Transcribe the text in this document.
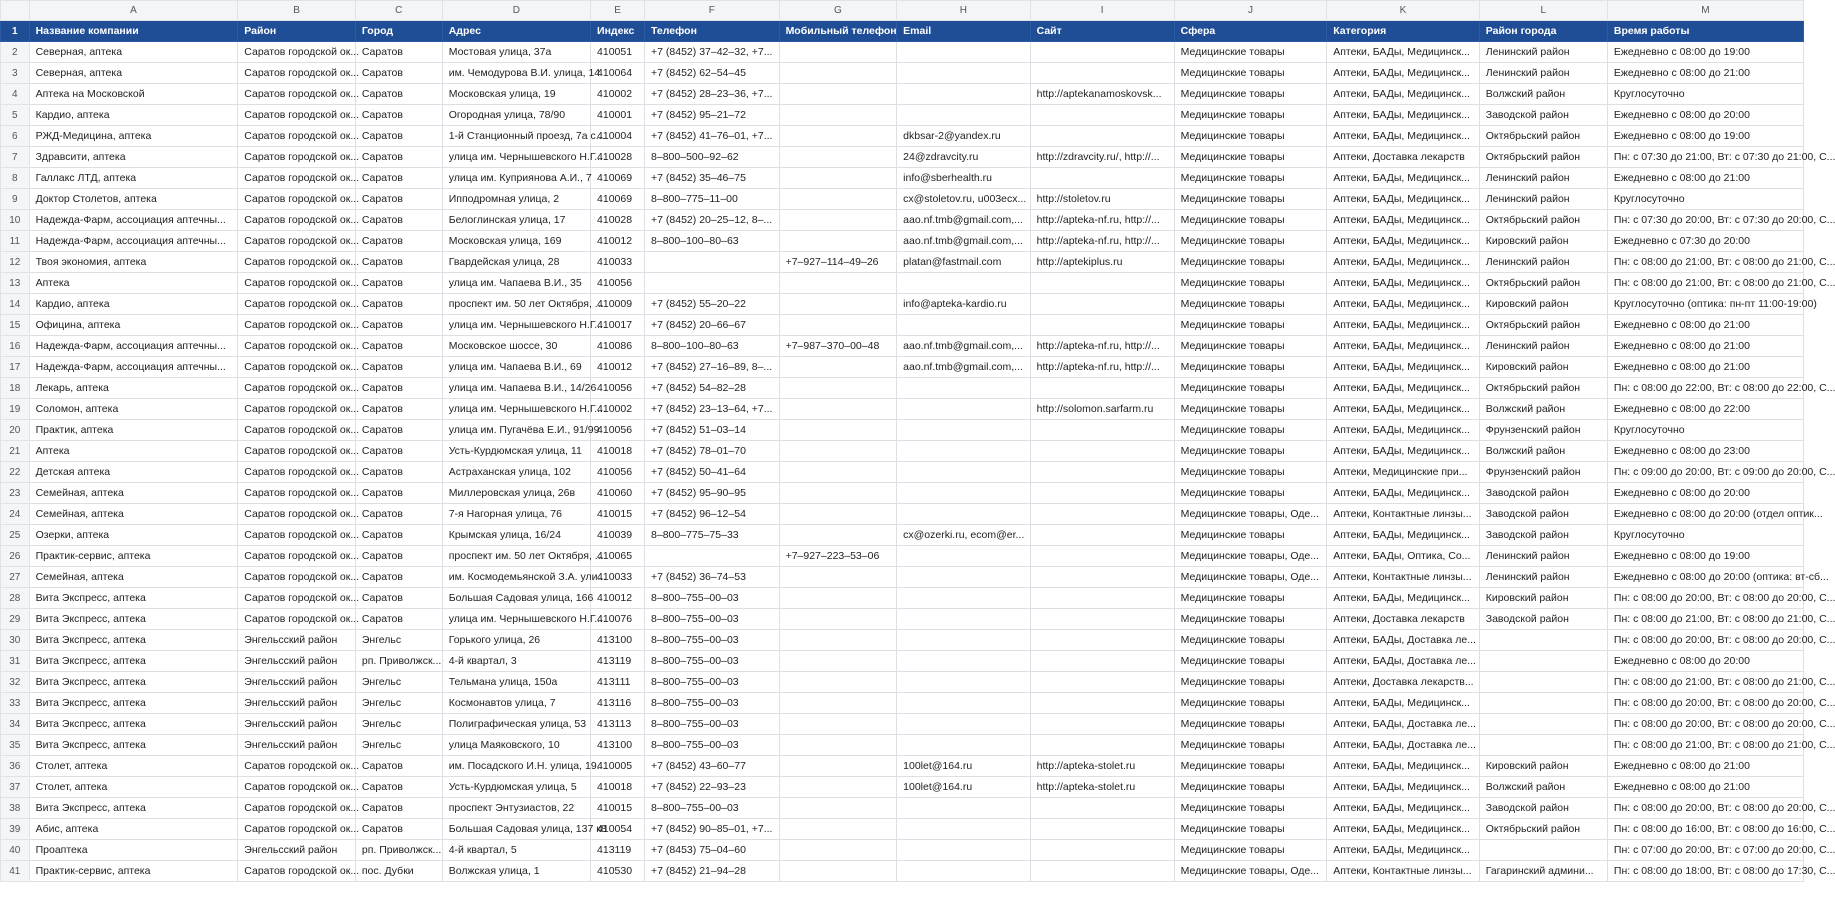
	A	B	C	D	E	F	G	H	I	J	K	L	M
1	Название компании	Район	Город	Адрес	Индекс	Телефон	Мобильный телефон	Email	Сайт	Сфера	Категория	Район города	Время работы
2	Северная, аптека	Саратов городской ок...	Саратов	Мостовая улица, 37а	410051	+7 (8452) 37–42–32, +7...				Медицинские товары	Аптеки, БАДы, Медицинск...	Ленинский район	Ежедневно с 08:00 до 19:00
3	Северная, аптека	Саратов городской ок...	Саратов	им. Чемодурова В.И. улица, 14	410064	+7 (8452) 62–54–45				Медицинские товары	Аптеки, БАДы, Медицинск...	Ленинский район	Ежедневно с 08:00 до 21:00
4	Аптека на Московской	Саратов городской ок...	Саратов	Московская улица, 19	410002	+7 (8452) 28–23–36, +7...			http://aptekanamoskovsk...	Медицинские товары	Аптеки, БАДы, Медицинск...	Волжский район	Круглосуточно
5	Кардио, аптека	Саратов городской ок...	Саратов	Огородная улица, 78/90	410001	+7 (8452) 95–21–72				Медицинские товары	Аптеки, БАДы, Медицинск...	Заводской район	Ежедневно с 08:00 до 20:00
6	РЖД-Медицина, аптека	Саратов городской ок...	Саратов	1-й Станционный проезд, 7а с...	410004	+7 (8452) 41–76–01, +7...		dkbsar-2@yandex.ru		Медицинские товары	Аптеки, БАДы, Медицинск...	Октябрьский район	Ежедневно с 08:00 до 19:00
7	Здравсити, аптека	Саратов городской ок...	Саратов	улица им. Чернышевского Н.Г....	410028	8–800–500–92–62		24@zdravcity.ru	http://zdravcity.ru/, http://...	Медицинские товары	Аптеки, Доставка лекарств	Октябрьский район	Пн: с 07:30 до 21:00, Вт: с 07:30 до 21:00, С...
8	Галлакс ЛТД, аптека	Саратов городской ок...	Саратов	улица им. Куприянова А.И., 7	410069	+7 (8452) 35–46–75		info@sberhealth.ru		Медицинские товары	Аптеки, БАДы, Медицинск...	Ленинский район	Ежедневно с 08:00 до 21:00
9	Доктор Столетов, аптека	Саратов городской ок...	Саратов	Ипподромная улица, 2	410069	8–800–775–11–00		cx@stoletov.ru, u003ecx...	http://stoletov.ru	Медицинские товары	Аптеки, БАДы, Медицинск...	Ленинский район	Круглосуточно
10	Надежда-Фарм, ассоциация аптечны...	Саратов городской ок...	Саратов	Белоглинская улица, 17	410028	+7 (8452) 20–25–12, 8–...		aao.nf.tmb@gmail.com,...	http://apteka-nf.ru, http://...	Медицинские товары	Аптеки, БАДы, Медицинск...	Октябрьский район	Пн: с 07:30 до 20:00, Вт: с 07:30 до 20:00, С...
11	Надежда-Фарм, ассоциация аптечны...	Саратов городской ок...	Саратов	Московская улица, 169	410012	8–800–100–80–63		aao.nf.tmb@gmail.com,...	http://apteka-nf.ru, http://...	Медицинские товары	Аптеки, БАДы, Медицинск...	Кировский район	Ежедневно с 07:30 до 20:00
12	Твоя экономия, аптека	Саратов городской ок...	Саратов	Гвардейская улица, 28	410033		+7–927–114–49–26	platan@fastmail.com	http://aptekiplus.ru	Медицинские товары	Аптеки, БАДы, Медицинск...	Ленинский район	Пн: с 08:00 до 21:00, Вт: с 08:00 до 21:00, С...
13	Аптека	Саратов городской ок...	Саратов	улица им. Чапаева В.И., 35	410056					Медицинские товары	Аптеки, БАДы, Медицинск...	Октябрьский район	Пн: с 08:00 до 21:00, Вт: с 08:00 до 21:00, С...
14	Кардио, аптека	Саратов городской ок...	Саратов	проспект им. 50 лет Октября, ...	410009	+7 (8452) 55–20–22		info@apteka-kardio.ru		Медицинские товары	Аптеки, БАДы, Медицинск...	Кировский район	Круглосуточно (оптика: пн-пт 11:00-19:00)
15	Официна, аптека	Саратов городской ок...	Саратов	улица им. Чернышевского Н.Г....	410017	+7 (8452) 20–66–67				Медицинские товары	Аптеки, БАДы, Медицинск...	Октябрьский район	Ежедневно с 08:00 до 21:00
16	Надежда-Фарм, ассоциация аптечны...	Саратов городской ок...	Саратов	Московское шоссе, 30	410086	8–800–100–80–63	+7–987–370–00–48	aao.nf.tmb@gmail.com,...	http://apteka-nf.ru, http://...	Медицинские товары	Аптеки, БАДы, Медицинск...	Ленинский район	Ежедневно с 08:00 до 21:00
17	Надежда-Фарм, ассоциация аптечны...	Саратов городской ок...	Саратов	улица им. Чапаева В.И., 69	410012	+7 (8452) 27–16–89, 8–...		aao.nf.tmb@gmail.com,...	http://apteka-nf.ru, http://...	Медицинские товары	Аптеки, БАДы, Медицинск...	Кировский район	Ежедневно с 08:00 до 21:00
18	Лекарь, аптека	Саратов городской ок...	Саратов	улица им. Чапаева В.И., 14/26	410056	+7 (8452) 54–82–28				Медицинские товары	Аптеки, БАДы, Медицинск...	Октябрьский район	Пн: с 08:00 до 22:00, Вт: с 08:00 до 22:00, С...
19	Соломон, аптека	Саратов городской ок...	Саратов	улица им. Чернышевского Н.Г....	410002	+7 (8452) 23–13–64, +7...			http://solomon.sarfarm.ru	Медицинские товары	Аптеки, БАДы, Медицинск...	Волжский район	Ежедневно с 08:00 до 22:00
20	Практик, аптека	Саратов городской ок...	Саратов	улица им. Пугачёва Е.И., 91/99	410056	+7 (8452) 51–03–14				Медицинские товары	Аптеки, БАДы, Медицинск...	Фрунзенский район	Круглосуточно
21	Аптека	Саратов городской ок...	Саратов	Усть-Курдюмская улица, 11	410018	+7 (8452) 78–01–70				Медицинские товары	Аптеки, БАДы, Медицинск...	Волжский район	Ежедневно с 08:00 до 23:00
22	Детская аптека	Саратов городской ок...	Саратов	Астраханская улица, 102	410056	+7 (8452) 50–41–64				Медицинские товары	Аптеки, Медицинские при...	Фрунзенский район	Пн: с 09:00 до 20:00, Вт: с 09:00 до 20:00, С...
23	Семейная, аптека	Саратов городской ок...	Саратов	Миллеровская улица, 26в	410060	+7 (8452) 95–90–95				Медицинские товары	Аптеки, БАДы, Медицинск...	Заводской район	Ежедневно с 08:00 до 20:00
24	Семейная, аптека	Саратов городской ок...	Саратов	7-я Нагорная улица, 76	410015	+7 (8452) 96–12–54				Медицинские товары, Оде...	Аптеки, Контактные линзы...	Заводской район	Ежедневно с 08:00 до 20:00 (отдел оптик...
25	Озерки, аптека	Саратов городской ок...	Саратов	Крымская улица, 16/24	410039	8–800–775–75–33		cx@ozerki.ru, ecom@er...		Медицинские товары	Аптеки, БАДы, Медицинск...	Заводской район	Круглосуточно
26	Практик-сервис, аптека	Саратов городской ок...	Саратов	проспект им. 50 лет Октября, ...	410065		+7–927–223–53–06			Медицинские товары, Оде...	Аптеки, БАДы, Оптика, Со...	Ленинский район	Ежедневно с 08:00 до 19:00
27	Семейная, аптека	Саратов городской ок...	Саратов	им. Космодемьянской З.А. ули...	410033	+7 (8452) 36–74–53				Медицинские товары, Оде...	Аптеки, Контактные линзы...	Ленинский район	Ежедневно с 08:00 до 20:00 (оптика: вт-сб...
28	Вита Экспресс, аптека	Саратов городской ок...	Саратов	Большая Садовая улица, 166	410012	8–800–755–00–03				Медицинские товары	Аптеки, БАДы, Медицинск...	Кировский район	Пн: с 08:00 до 20:00, Вт: с 08:00 до 20:00, С...
29	Вита Экспресс, аптека	Саратов городской ок...	Саратов	улица им. Чернышевского Н.Г....	410076	8–800–755–00–03				Медицинские товары	Аптеки, Доставка лекарств	Заводской район	Пн: с 08:00 до 21:00, Вт: с 08:00 до 21:00, С...
30	Вита Экспресс, аптека	Энгельсский район	Энгельс	Горького улица, 26	413100	8–800–755–00–03				Медицинские товары	Аптеки, БАДы, Доставка ле...		Пн: с 08:00 до 20:00, Вт: с 08:00 до 20:00, С...
31	Вита Экспресс, аптека	Энгельсский район	рп. Приволжск...	4-й квартал, 3	413119	8–800–755–00–03				Медицинские товары	Аптеки, БАДы, Доставка ле...		Ежедневно с 08:00 до 20:00
32	Вита Экспресс, аптека	Энгельсский район	Энгельс	Тельмана улица, 150а	413111	8–800–755–00–03				Медицинские товары	Аптеки, Доставка лекарств...		Пн: с 08:00 до 21:00, Вт: с 08:00 до 21:00, С...
33	Вита Экспресс, аптека	Энгельсский район	Энгельс	Космонавтов улица, 7	413116	8–800–755–00–03				Медицинские товары	Аптеки, БАДы, Медицинск...		Пн: с 08:00 до 20:00, Вт: с 08:00 до 20:00, С...
34	Вита Экспресс, аптека	Энгельсский район	Энгельс	Полиграфическая улица, 53	413113	8–800–755–00–03				Медицинские товары	Аптеки, БАДы, Доставка ле...		Пн: с 08:00 до 20:00, Вт: с 08:00 до 20:00, С...
35	Вита Экспресс, аптека	Энгельсский район	Энгельс	улица Маяковского, 10	413100	8–800–755–00–03				Медицинские товары	Аптеки, БАДы, Доставка ле...		Пн: с 08:00 до 21:00, Вт: с 08:00 до 21:00, С...
36	Столет, аптека	Саратов городской ок...	Саратов	им. Посадского И.Н. улица, 19...	410005	+7 (8452) 43–60–77		100let@164.ru	http://apteka-stolet.ru	Медицинские товары	Аптеки, БАДы, Медицинск...	Кировский район	Ежедневно с 08:00 до 21:00
37	Столет, аптека	Саратов городской ок...	Саратов	Усть-Курдюмская улица, 5	410018	+7 (8452) 22–93–23		100let@164.ru	http://apteka-stolet.ru	Медицинские товары	Аптеки, БАДы, Медицинск...	Волжский район	Ежедневно с 08:00 до 21:00
38	Вита Экспресс, аптека	Саратов городской ок...	Саратов	проспект Энтузиастов, 22	410015	8–800–755–00–03				Медицинские товары	Аптеки, БАДы, Медицинск...	Заводской район	Пн: с 08:00 до 20:00, Вт: с 08:00 до 20:00, С...
39	Абис, аптека	Саратов городской ок...	Саратов	Большая Садовая улица, 137 к8	410054	+7 (8452) 90–85–01, +7...				Медицинские товары	Аптеки, БАДы, Медицинск...	Октябрьский район	Пн: с 08:00 до 16:00, Вт: с 08:00 до 16:00, С...
40	Проаптека	Энгельсский район	рп. Приволжск...	4-й квартал, 5	413119	+7 (8453) 75–04–60				Медицинские товары	Аптеки, БАДы, Медицинск...		Пн: с 07:00 до 20:00, Вт: с 07:00 до 20:00, С...
41	Практик-сервис, аптека	Саратов городской ок...	пос. Дубки	Волжская улица, 1	410530	+7 (8452) 21–94–28				Медицинские товары, Оде...	Аптеки, Контактные линзы...	Гагаринский админи...	Пн: с 08:00 до 18:00, Вт: с 08:00 до 17:30, С...
